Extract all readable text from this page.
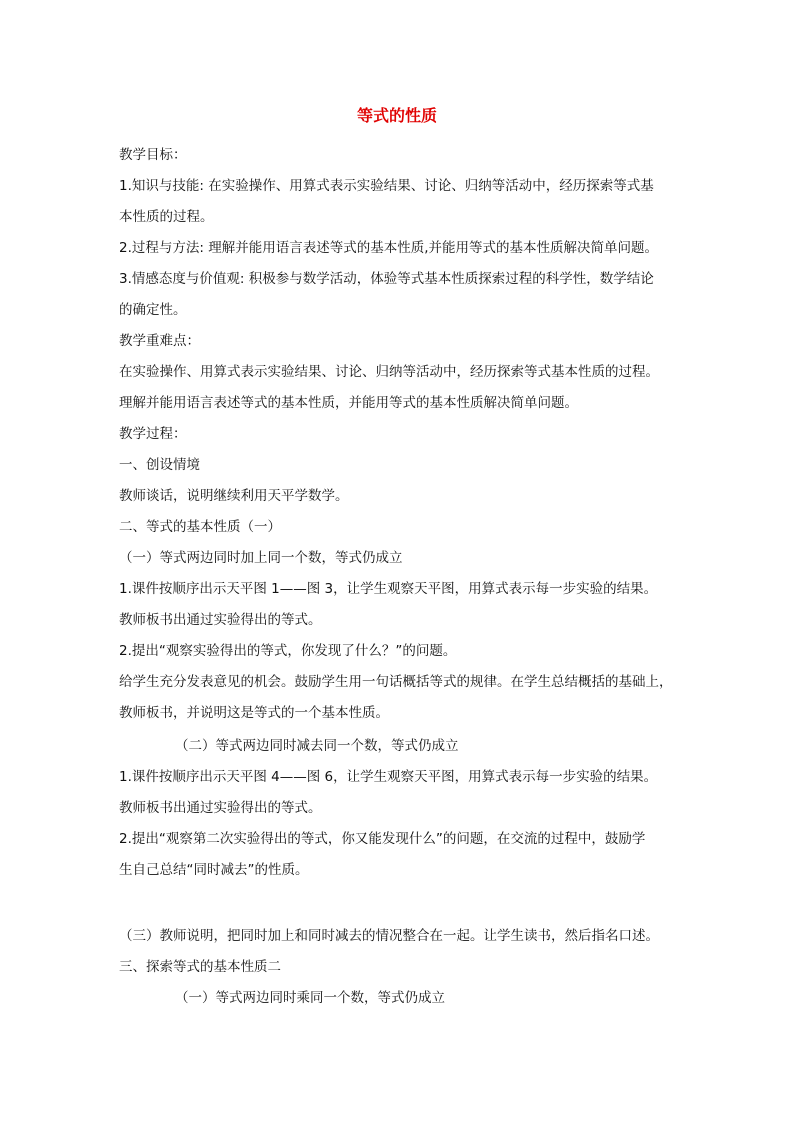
等式的性质
教学目标：
1.知识与技能: 在实验操作、用算式表示实验结果、讨论、归纳等活动中，经历探索等式基
本性质的过程。
2.过程与方法: 理解并能用语言表述等式的基本性质,并能用等式的基本性质解决简单问题。
3.情感态度与价值观: 积极参与数学活动，体验等式基本性质探索过程的科学性，数学结论
的确定性。
教学重难点：
在实验操作、用算式表示实验结果、讨论、归纳等活动中，经历探索等式基本性质的过程。
理解并能用语言表述等式的基本性质，并能用等式的基本性质解决简单问题。
教学过程：
一、创设情境
教师谈话，说明继续利用天平学数学。
二、等式的基本性质（一）
（一）等式两边同时加上同一个数，等式仍成立
1.课件按顺序出示天平图 1——图 3，让学生观察天平图，用算式表示每一步实验的结果。
教师板书出通过实验得出的等式。
2.提出“观察实验得出的等式，你发现了什么？”的问题。
给学生充分发表意见的机会。鼓励学生用一句话概括等式的规律。在学生总结概括的基础上，
教师板书，并说明这是等式的一个基本性质。
（二）等式两边同时减去同一个数，等式仍成立
1.课件按顺序出示天平图 4——图 6，让学生观察天平图，用算式表示每一步实验的结果。
教师板书出通过实验得出的等式。
2.提出“观察第二次实验得出的等式，你又能发现什么”的问题，在交流的过程中，鼓励学
生自己总结“同时减去”的性质。
（三）教师说明，把同时加上和同时减去的情况整合在一起。让学生读书，然后指名口述。
三、探索等式的基本性质二
（一）等式两边同时乘同一个数，等式仍成立
